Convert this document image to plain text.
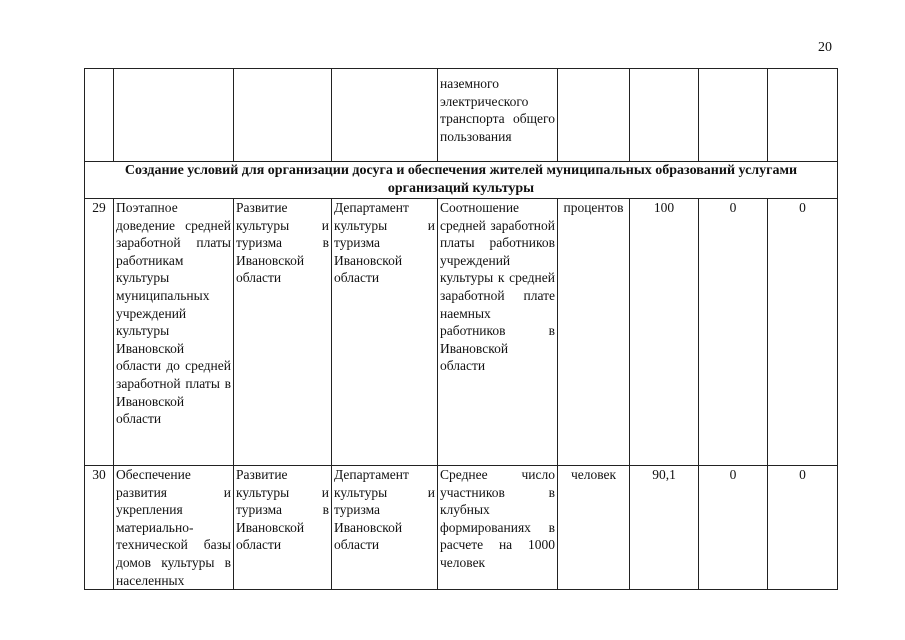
20
				наземного электрического транспорта общего пользования				
Создание условий для организации досуга и обеспечения жителей муниципальных образований услугами организаций культуры								
29	Поэтапное доведение средней заработной платы работникам культуры муниципальных учреждений культуры Ивановской области до средней заработной платы в Ивановской области	Развитие культуры и туризма в Ивановской области	Департамент культуры и туризма Ивановской области	Соотношение средней заработной платы работников учреждений культуры к средней заработной плате наемных работников в Ивановской области	процентов	100	0	0
30	Обеспечение развития и укрепления материально-технической базы домов культуры в населенных	Развитие культуры и туризма в Ивановской области	Департамент культуры и туризма Ивановской области	Среднее число участников в клубных формированиях в расчете на 1000 человек	человек	90,1	0	0
